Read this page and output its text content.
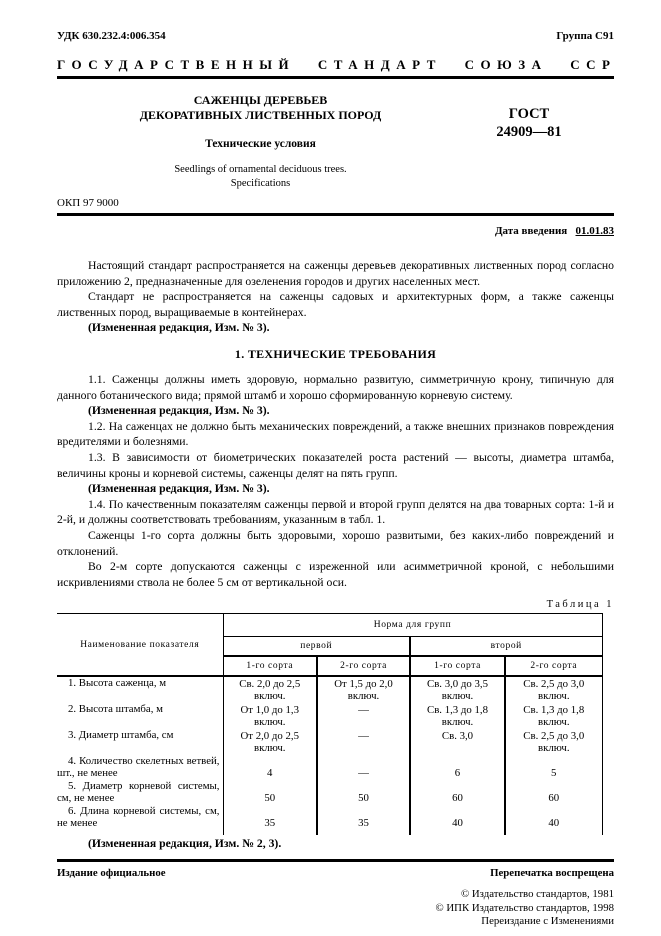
УДК 630.232.4:006.354	Группа С91
ГОСУДАРСТВЕННЫЙ СТАНДАРТ СОЮЗА ССР
САЖЕНЦЫ ДЕРЕВЬЕВ
ДЕКОРАТИВНЫХ ЛИСТВЕННЫХ ПОРОД
Технические условия
Seedlings of ornamental deciduous trees.
Specifications
ГОСТ
24909—81
ОКП 97 9000
Дата введения 01.01.83

Настоящий стандарт распространяется на саженцы деревьев декоративных лиственных пород согласно приложению 2, предназначенные для озеленения городов и других населенных мест.

Стандарт не распространяется на саженцы садовых и архитектурных форм, а также саженцы лиственных пород, выращиваемые в контейнерах.

(Измененная редакция, Изм. № 3).

1. ТЕХНИЧЕСКИЕ ТРЕБОВАНИЯ

1.1. Саженцы должны иметь здоровую, нормально развитую, симметричную крону, типичную для данного ботанического вида; прямой штамб и хорошо сформированную корневую систему.

(Измененная редакция, Изм. № 3).

1.2. На саженцах не должно быть механических повреждений, а также внешних признаков повреждения вредителями и болезнями.

1.3. В зависимости от биометрических показателей роста растений — высоты, диаметра штамба, величины кроны и корневой системы, саженцы делят на пять групп.

(Измененная редакция, Изм. № 3).

1.4. По качественным показателям саженцы первой и второй групп делятся на два товарных сорта: 1-й и 2-й, и должны соответствовать требованиям, указанным в табл. 1.

Саженцы 1-го сорта должны быть здоровыми, хорошо развитыми, без каких-либо повреждений и отклонений.

Во 2-м сорте допускаются саженцы с изреженной или асимметричной кроной, с небольшими искривлениями ствола не более 5 см от вертикальной оси.

Таблица 1
Наименование показателя	Норма для групп			
	первой		второй	
	1-го сорта	2-го сорта	1-го сорта	2-го сорта
1. Высота саженца, м	Св. 2,0 до 2,5 включ.	От 1,5 до 2,0 включ.	Св. 3,0 до 3,5 включ.	Св. 2,5 до 3,0 включ.
2. Высота штамба, м	От 1,0 до 1,3 включ.	—	Св. 1,3 до 1,8 включ.	Св. 1,3 до 1,8 включ.
3. Диаметр штамба, см	От 2,0 до 2,5 включ.	—	Св. 3,0	Св. 2,5 до 3,0 включ.
4. Количество скелетных ветвей, шт., не менее	4	—	6	5
5. Диаметр корневой системы, см, не менее	50	50	60	60
6. Длина корневой системы, см, не менее	35	35	40	40
(Измененная редакция, Изм. № 2, 3).
Издание официальное	Перепечатка воспрещена
© Издательство стандартов, 1981
© ИПК Издательство стандартов, 1998
Переиздание с Изменениями
